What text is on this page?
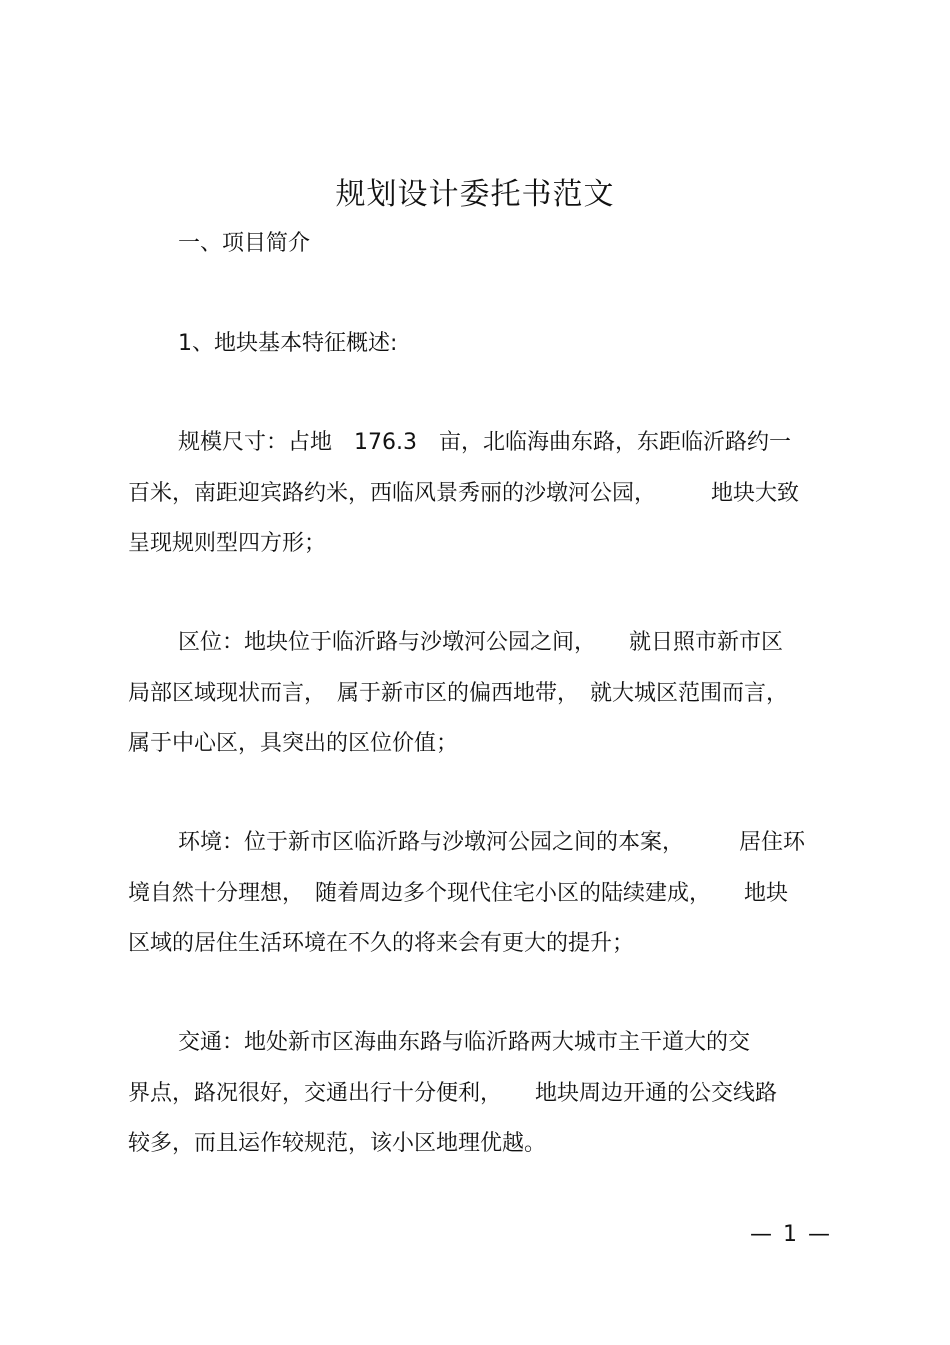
规划设计委托书范文
一、项目简介
1、地块基本特征概述:
规模尺寸：占地　176.3　亩，北临海曲东路，东距临沂路约一
百米，南距迎宾路约米，西临风景秀丽的沙墩河公园，　　　地块大致
呈现规则型四方形；
区位：地块位于临沂路与沙墩河公园之间，　　就日照市新市区
局部区域现状而言，　属于新市区的偏西地带，　就大城区范围而言，
属于中心区，具突出的区位价值；
环境：位于新市区临沂路与沙墩河公园之间的本案，　　　居住环
境自然十分理想，　随着周边多个现代住宅小区的陆续建成，　　地块
区域的居住生活环境在不久的将来会有更大的提升；
交通：地处新市区海曲东路与临沂路两大城市主干道大的交
界点，路况很好，交通出行十分便利，　　地块周边开通的公交线路
较多，而且运作较规范，该小区地理优越。
— 1 —
